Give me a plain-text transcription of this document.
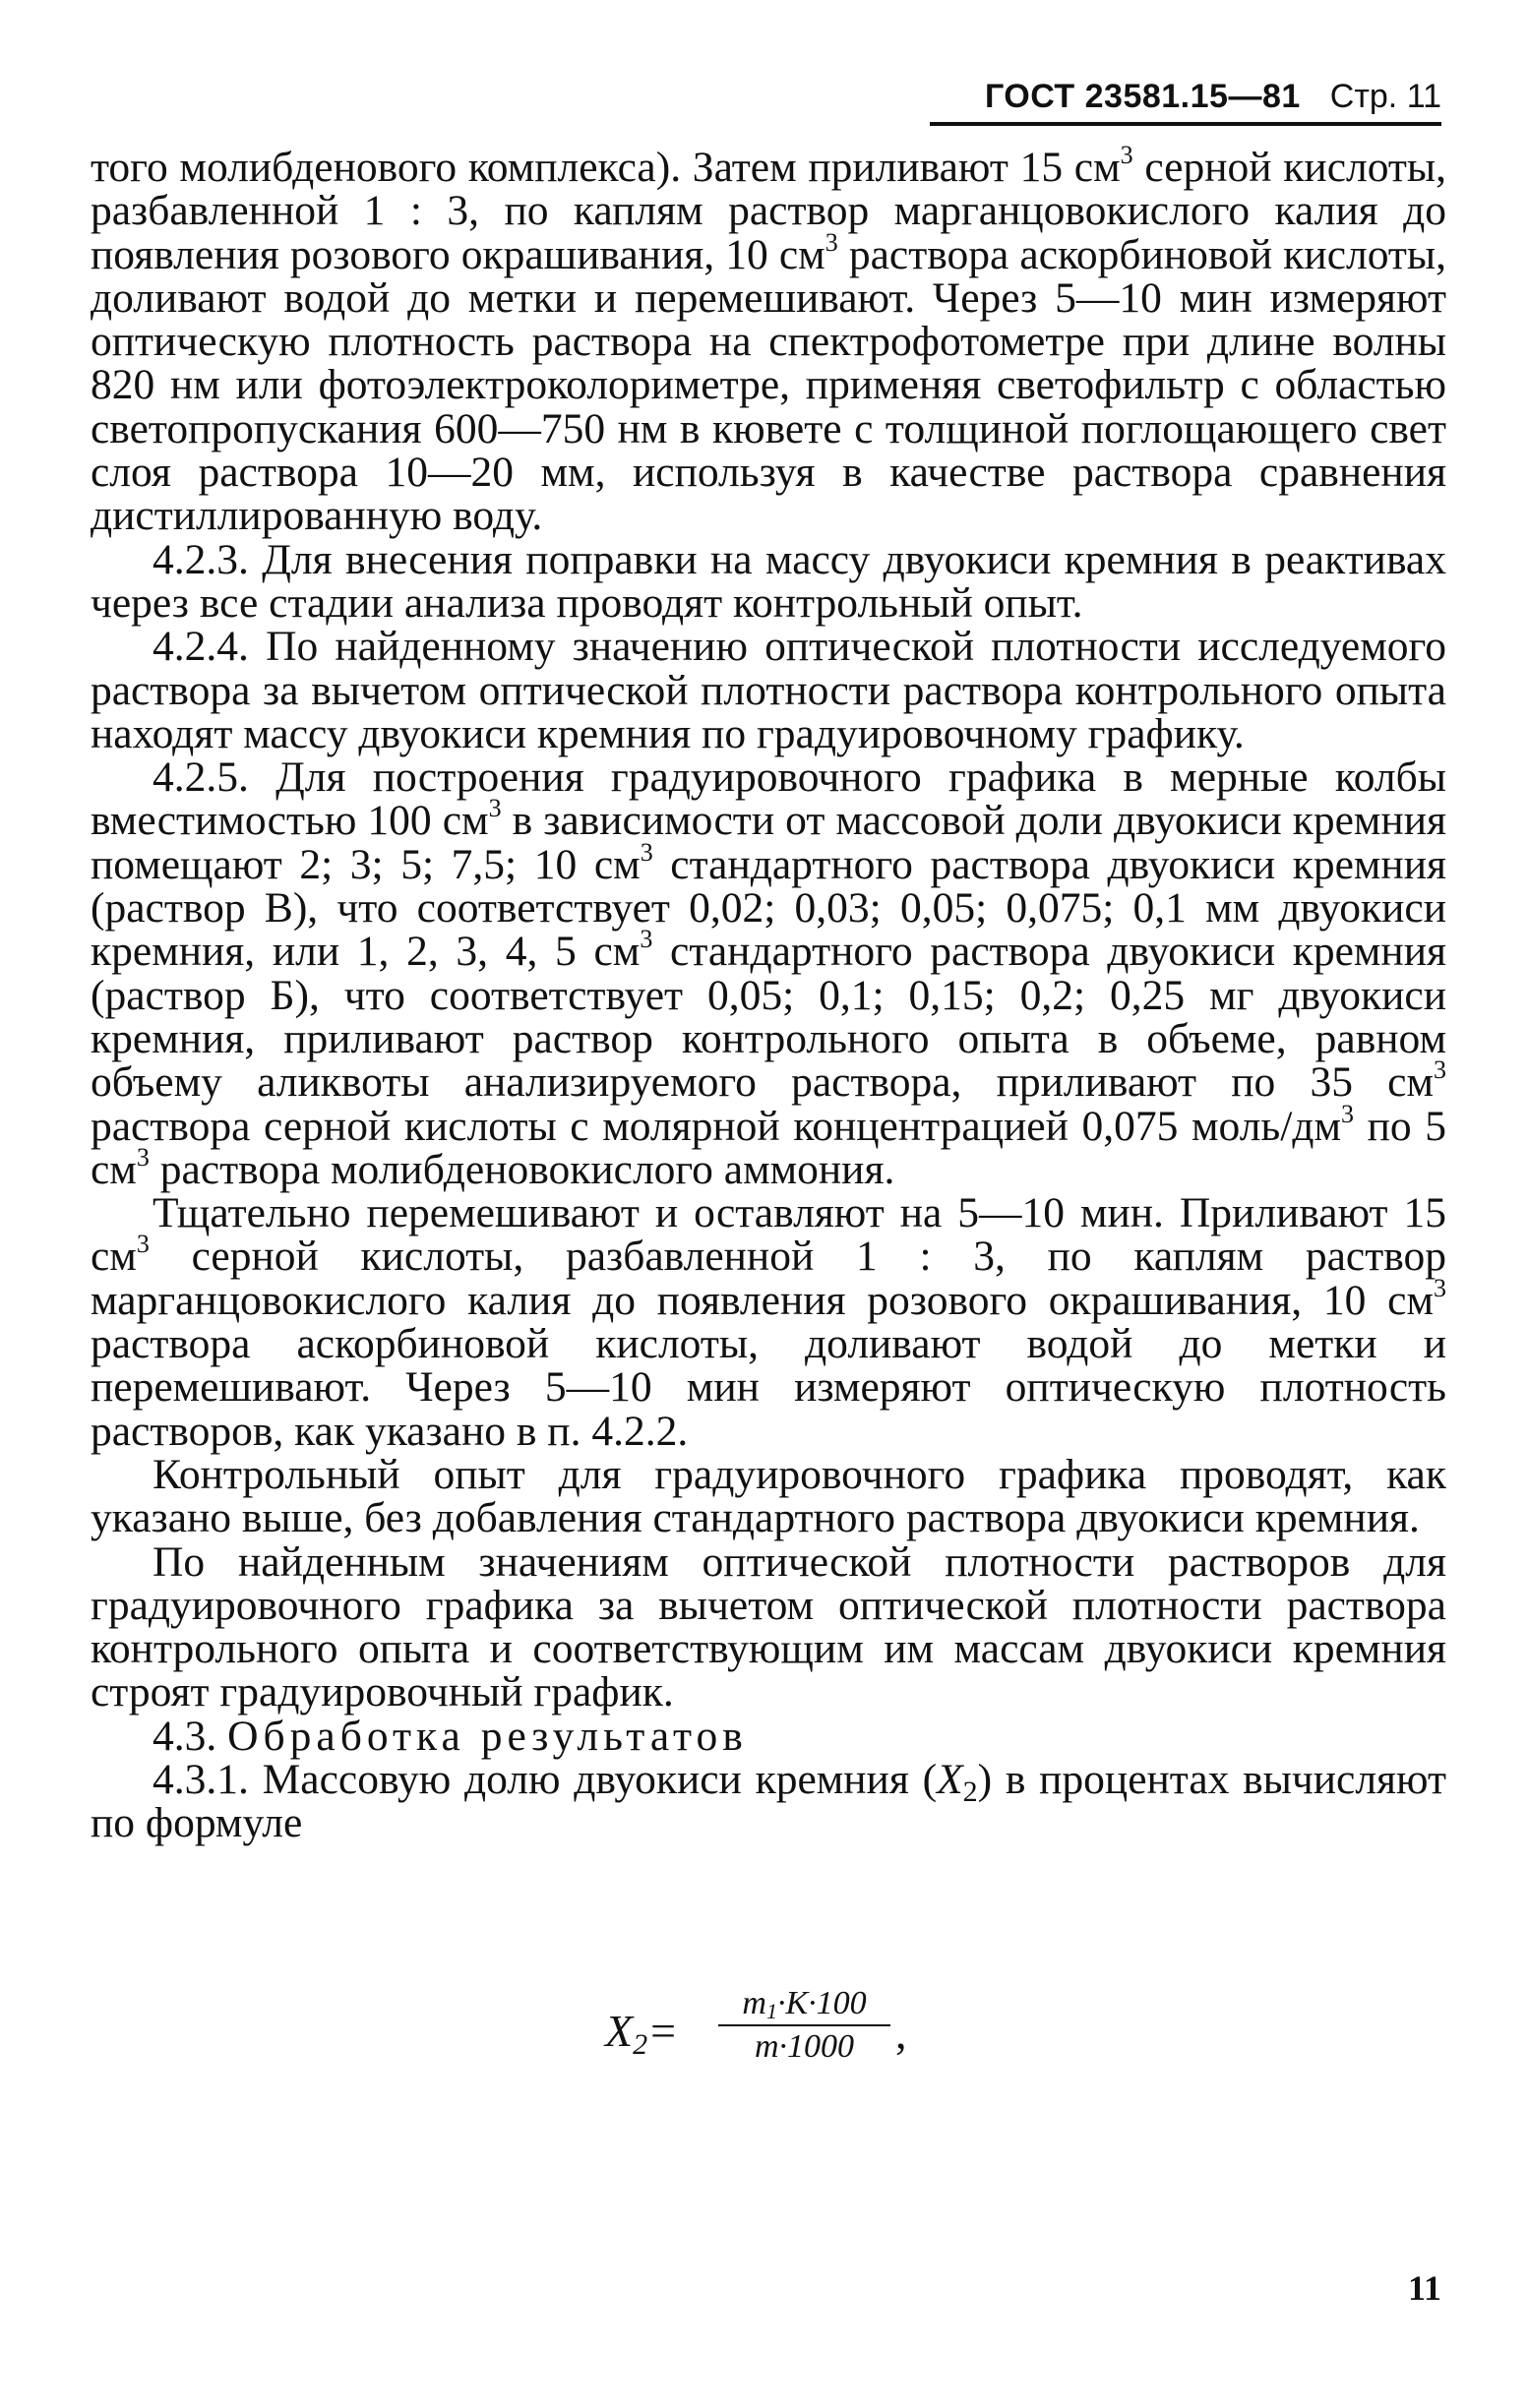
ГОСТ 23581.15—81 Стр. 11

того молибденового комплекса). Затем приливают 15 $см^3$ серной кислоты, разбавленной 1 : 3, по каплям раствор марганцовокислого калия до появления розового окрашивания, 10 $см^3$ раствора аскорбиновой кислоты, доливают водой до метки и перемешивают. Через 5—10 мин измеряют оптическую плотность раствора на спектрофотометре при длине волны 820 нм или фотоэлектроколориметре, применяя светофильтр с областью светопропускания 600—750 нм в кювете с толщиной поглощающего свет слоя раствора 10—20 мм, используя в качестве раствора сравнения дистиллированную воду.

4.2.3. Для внесения поправки на массу двуокиси кремния в реактивах через все стадии анализа проводят контрольный опыт.

4.2.4. По найденному значению оптической плотности исследуемого раствора за вычетом оптической плотности раствора контрольного опыта находят массу двуокиси кремния по градуировочному графику.

4.2.5. Для построения градуировочного графика в мерные колбы вместимостью 100 $см^3$ в зависимости от массовой доли двуокиси кремния помещают 2; 3; 5; 7,5; 10 $см^3$ стандартного раствора двуокиси кремния (раствор В), что соответствует 0,02; 0,03; 0,05; 0,075; 0,1 мм двуокиси кремния, или 1, 2, 3, 4, 5 $см^3$ стандартного раствора двуокиси кремния (раствор Б), что соответствует 0,05; 0,1; 0,15; 0,2; 0,25 мг двуокиси кремния, приливают раствор контрольного опыта в объеме, равном объему аликвоты анализируемого раствора, приливают по 35 $см^3$ раствора серной кислоты с молярной концентрацией 0,075 моль/$дм^3$ по 5 $см^3$ раствора молибденовокислого аммония.

Тщательно перемешивают и оставляют на 5—10 мин. Приливают 15 $см^3$ серной кислоты, разбавленной 1 : 3, по каплям раствор марганцовокислого калия до появления розового окрашивания, 10 $см^3$ раствора аскорбиновой кислоты, доливают водой до метки и перемешивают. Через 5—10 мин измеряют оптическую плотность растворов, как указано в п. 4.2.2.

Контрольный опыт для градуировочного графика проводят, как указано выше, без добавления стандартного раствора двуокиси кремния.

По найденным значениям оптической плотности растворов для градуировочного графика за вычетом оптической плотности раствора контрольного опыта и соответствующим им массам двуокиси кремния строят градуировочный график.

4.3. Обработка результатов

4.3.1. Массовую долю двуокиси кремния $(X_2)$ в процентах вычисляют по формуле

$X_2= \frac{m_1\cdot K\cdot 100}{m\cdot 1000}$ ,
11
